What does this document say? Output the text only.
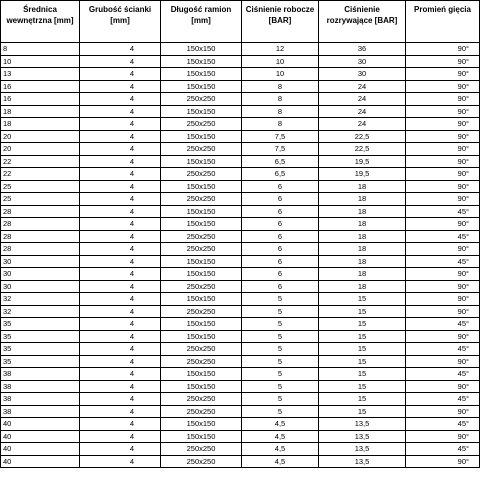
Średnica wewnętrzna [mm]	Grubość ścianki [mm]	Długość ramion [mm]	Ciśnienie robocze [BAR]	Ciśnienie rozrywające [BAR]	Promień gięcia
8	4	150x150	12	36	90°
10	4	150x150	10	30	90°
13	4	150x150	10	30	90°
16	4	150x150	8	24	90°
16	4	250x250	8	24	90°
18	4	150x150	8	24	90°
18	4	250x250	8	24	90°
20	4	150x150	7,5	22,5	90°
20	4	250x250	7,5	22,5	90°
22	4	150x150	6,5	19,5	90°
22	4	250x250	6,5	19,5	90°
25	4	150x150	6	18	90°
25	4	250x250	6	18	90°
28	4	150x150	6	18	45°
28	4	150x150	6	18	90°
28	4	250x250	6	18	45°
28	4	250x250	6	18	90°
30	4	150x150	6	18	45°
30	4	150x150	6	18	90°
30	4	250x250	6	18	90°
32	4	150x150	5	15	90°
32	4	250x250	5	15	90°
35	4	150x150	5	15	45°
35	4	150x150	5	15	90°
35	4	250x250	5	15	45°
35	4	250x250	5	15	90°
38	4	150x150	5	15	45°
38	4	150x150	5	15	90°
38	4	250x250	5	15	45°
38	4	250x250	5	15	90°
40	4	150x150	4,5	13,5	45°
40	4	150x150	4,5	13,5	90°
40	4	250x250	4,5	13,5	45°
40	4	250x250	4,5	13,5	90°
